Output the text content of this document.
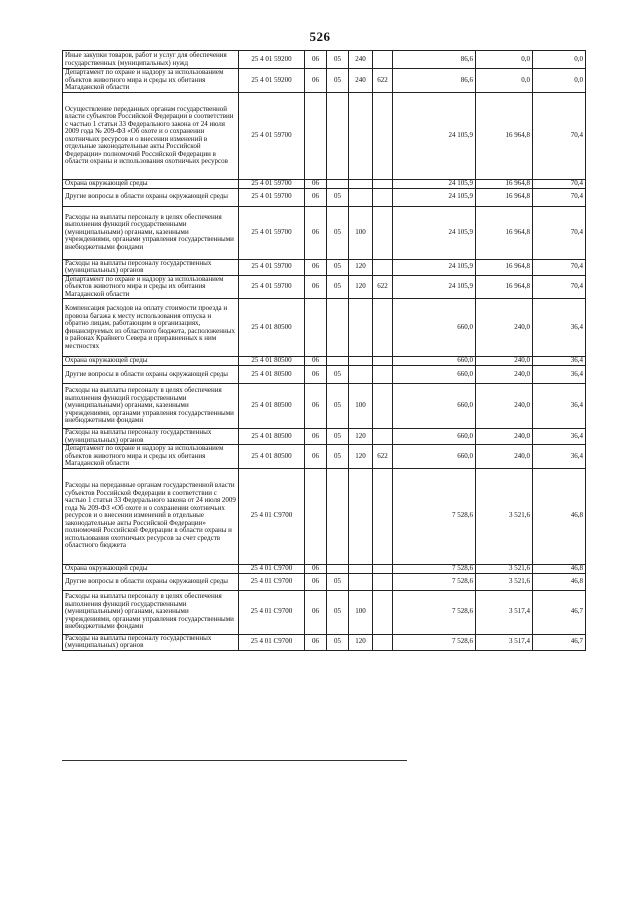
526
Иные закупки товаров, работ и услуг для обеспечения государственных (муниципальных) нужд	25 4 01 59200	06	05	240		86,6	0,0	0,0
Департамент по охране и надзору за использованием объектов животного мира и среды их обитания Магаданской области	25 4 01 59200	06	05	240	622	86,6	0,0	0,0
Осуществление переданных органам государственной власти субъектов Российской Федерации в соответствии с частью 1 статьи 33 Федерального закона от 24 июля 2009 года № 209-ФЗ «Об охоте и о сохранении охотничьих ресурсов и о внесении изменений в отдельные законодательные акты Российской Федерации» полномочий Российской Федерации в области охраны и использования охотничьих ресурсов	25 4 01 59700					24 105,9	16 964,8	70,4
Охрана окружающей среды	25 4 01 59700	06				24 105,9	16 964,8	70,4
Другие вопросы в области охраны окружающей среды	25 4 01 59700	06	05			24 105,9	16 964,8	70,4
Расходы на выплаты персоналу в целях обеспечения выполнения функций государственными (муниципальными) органами, казенными учреждениями, органами управления государственными внебюджетными фондами	25 4 01 59700	06	05	100		24 105,9	16 964,8	70,4
Расходы на выплаты персоналу государственных (муниципальных) органов	25 4 01 59700	06	05	120		24 105,9	16 964,8	70,4
Департамент по охране и надзору за использованием объектов животного мира и среды их обитания Магаданской области	25 4 01 59700	06	05	120	622	24 105,9	16 964,8	70,4
Компенсация расходов на оплату стоимости проезда и провоза багажа к месту использования отпуска и обратно лицам, работающим в организациях, финансируемых из областного бюджета, расположенных в районах Крайнего Севера и приравненных к ним местностях	25 4 01 80500					660,0	240,0	36,4
Охрана окружающей среды	25 4 01 80500	06				660,0	240,0	36,4
Другие вопросы в области охраны окружающей среды	25 4 01 80500	06	05			660,0	240,0	36,4
Расходы на выплаты персоналу в целях обеспечения выполнения функций государственными (муниципальными) органами, казенными учреждениями, органами управления государственными внебюджетными фондами	25 4 01 80500	06	05	100		660,0	240,0	36,4
Расходы на выплаты персоналу государственных (муниципальных) органов	25 4 01 80500	06	05	120		660,0	240,0	36,4
Департамент по охране и надзору за использованием объектов животного мира и среды их обитания Магаданской области	25 4 01 80500	06	05	120	622	660,0	240,0	36,4
Расходы на переданные органам государственной власти субъектов Российской Федерации в соответствии с частью 1 статьи 33 Федерального закона от 24 июля 2009 года № 209-ФЗ «Об охоте и о сохранении охотничьих ресурсов и о внесении изменений в отдельные законодательные акты Российской Федерации» полномочий Российской Федерации в области охраны и использования охотничьих ресурсов за счет средств областного бюджета	25 4 01 С9700					7 528,6	3 521,6	46,8
Охрана окружающей среды	25 4 01 С9700	06				7 528,6	3 521,6	46,8
Другие вопросы в области охраны окружающей среды	25 4 01 С9700	06	05			7 528,6	3 521,6	46,8
Расходы на выплаты персоналу в целях обеспечения выполнения функций государственными (муниципальными) органами, казенными учреждениями, органами управления государственными внебюджетными фондами	25 4 01 С9700	06	05	100		7 528,6	3 517,4	46,7
Расходы на выплаты персоналу государственных (муниципальных) органов	25 4 01 С9700	06	05	120		7 528,6	3 517,4	46,7
